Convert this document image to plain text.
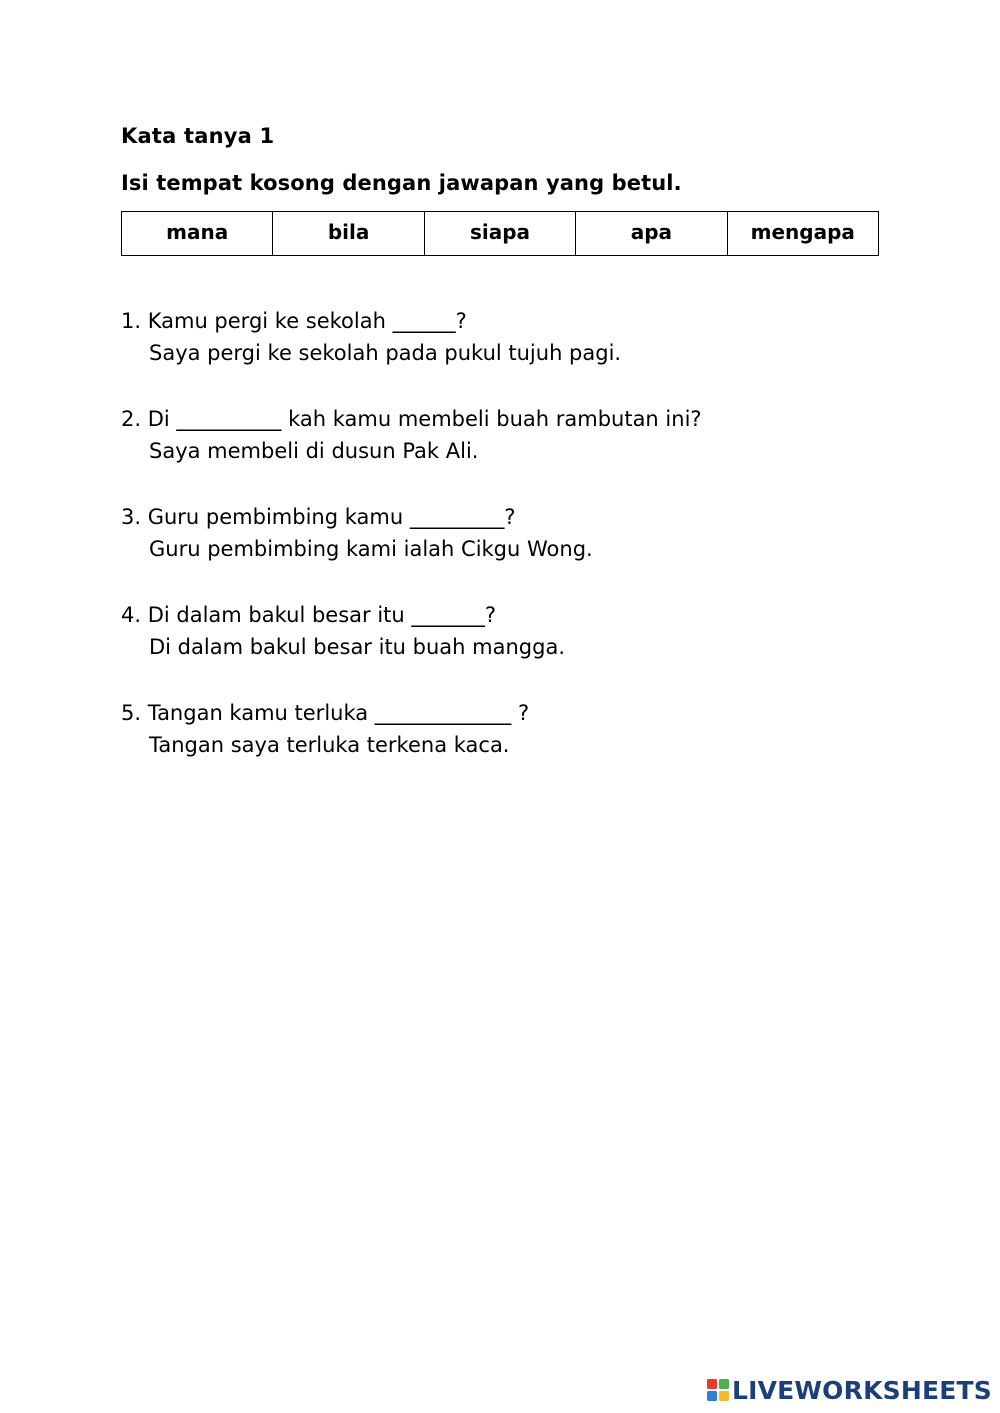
Kata tanya 1
Isi tempat kosong dengan jawapan yang betul.
mana	bila	siapa	apa	mengapa
1. Kamu pergi ke sekolah ______?
Saya pergi ke sekolah pada pukul tujuh pagi.
2. Di __________ kah kamu membeli buah rambutan ini?
Saya membeli di dusun Pak Ali.
3. Guru pembimbing kamu _________?
Guru pembimbing kami ialah Cikgu Wong.
4. Di dalam bakul besar itu _______?
Di dalam bakul besar itu buah mangga.
5. Tangan kamu terluka _____________ ?
Tangan saya terluka terkena kaca.
LIVEWORKSHEETS
